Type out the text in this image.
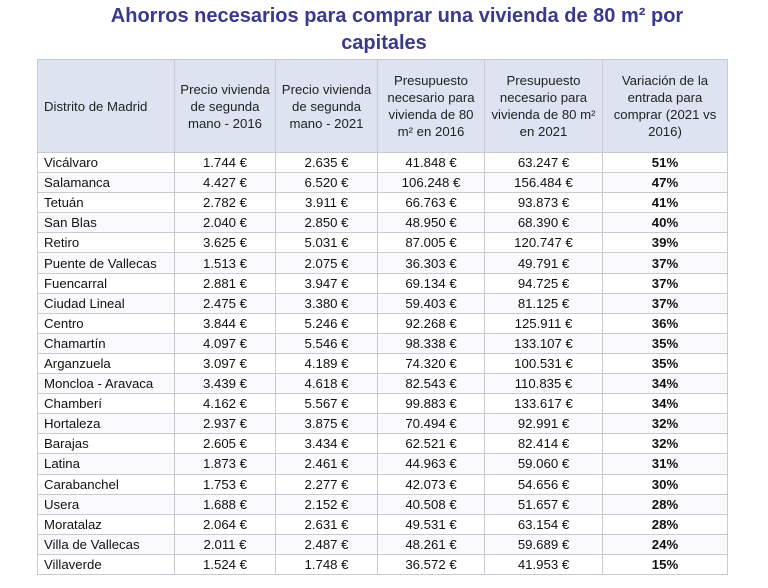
Ahorros necesarios para comprar una vivienda de 80 m² por
capitales
Distrito de Madrid	Precio vivienda de segunda mano - 2016	Precio vivienda de segunda mano - 2021	Presupuesto necesario para vivienda de 80 m² en 2016	Presupuesto necesario para vivienda de 80 m² en 2021	Variación de la entrada para comprar (2021 vs 2016)
Vicálvaro	1.744 €	2.635 €	41.848 €	63.247 €	51%
Salamanca	4.427 €	6.520 €	106.248 €	156.484 €	47%
Tetuán	2.782 €	3.911 €	66.763 €	93.873 €	41%
San Blas	2.040 €	2.850 €	48.950 €	68.390 €	40%
Retiro	3.625 €	5.031 €	87.005 €	120.747 €	39%
Puente de Vallecas	1.513 €	2.075 €	36.303 €	49.791 €	37%
Fuencarral	2.881 €	3.947 €	69.134 €	94.725 €	37%
Ciudad Lineal	2.475 €	3.380 €	59.403 €	81.125 €	37%
Centro	3.844 €	5.246 €	92.268 €	125.911 €	36%
Chamartín	4.097 €	5.546 €	98.338 €	133.107 €	35%
Arganzuela	3.097 €	4.189 €	74.320 €	100.531 €	35%
Moncloa - Aravaca	3.439 €	4.618 €	82.543 €	110.835 €	34%
Chamberí	4.162 €	5.567 €	99.883 €	133.617 €	34%
Hortaleza	2.937 €	3.875 €	70.494 €	92.991 €	32%
Barajas	2.605 €	3.434 €	62.521 €	82.414 €	32%
Latina	1.873 €	2.461 €	44.963 €	59.060 €	31%
Carabanchel	1.753 €	2.277 €	42.073 €	54.656 €	30%
Usera	1.688 €	2.152 €	40.508 €	51.657 €	28%
Moratalaz	2.064 €	2.631 €	49.531 €	63.154 €	28%
Villa de Vallecas	2.011 €	2.487 €	48.261 €	59.689 €	24%
Villaverde	1.524 €	1.748 €	36.572 €	41.953 €	15%
